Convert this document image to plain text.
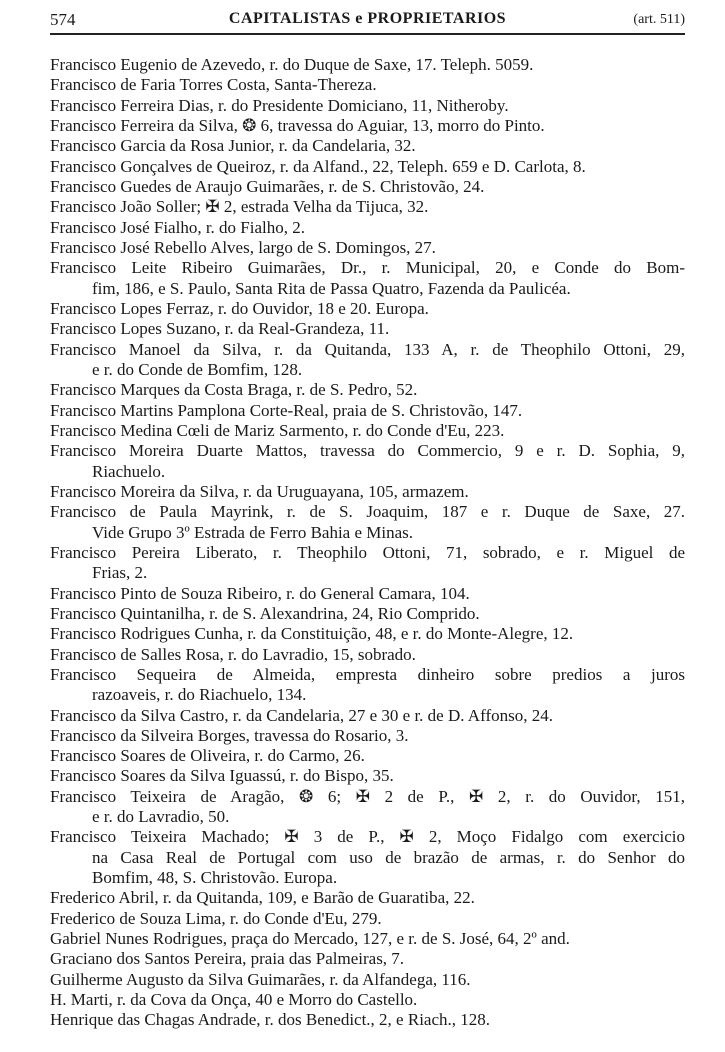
574	CAPITALISTAS e PROPRIETARIOS	(art. 511)
Francisco Eugenio de Azevedo, r. do Duque de Saxe, 17. Teleph. 5059.
Francisco de Faria Torres Costa, Santa-Thereza.
Francisco Ferreira Dias, r. do Presidente Domiciano, 11, Nitheroby.
Francisco Ferreira da Silva, ❂ 6, travessa do Aguiar, 13, morro do Pinto.
Francisco Garcia da Rosa Junior, r. da Candelaria, 32.
Francisco Gonçalves de Queiroz, r. da Alfand., 22, Teleph. 659 e D. Carlota, 8.
Francisco Guedes de Araujo Guimarães, r. de S. Christovão, 24.
Francisco João Soller; ✠ 2, estrada Velha da Tijuca, 32.
Francisco José Fialho, r. do Fialho, 2.
Francisco José Rebello Alves, largo de S. Domingos, 27.
Francisco Leite Ribeiro Guimarães, Dr., r. Municipal, 20, e Conde do Bom-
fim, 186, e S. Paulo, Santa Rita de Passa Quatro, Fazenda da Paulicéa.
Francisco Lopes Ferraz, r. do Ouvidor, 18 e 20. Europa.
Francisco Lopes Suzano, r. da Real-Grandeza, 11.
Francisco Manoel da Silva, r. da Quitanda, 133 A, r. de Theophilo Ottoni, 29,
e r. do Conde de Bomfim, 128.
Francisco Marques da Costa Braga, r. de S. Pedro, 52.
Francisco Martins Pamplona Corte-Real, praia de S. Christovão, 147.
Francisco Medina Cœli de Mariz Sarmento, r. do Conde d'Eu, 223.
Francisco Moreira Duarte Mattos, travessa do Commercio, 9 e r. D. Sophia, 9,
Riachuelo.
Francisco Moreira da Silva, r. da Uruguayana, 105, armazem.
Francisco de Paula Mayrink, r. de S. Joaquim, 187 e r. Duque de Saxe, 27.
Vide Grupo 3º Estrada de Ferro Bahia e Minas.
Francisco Pereira Liberato, r. Theophilo Ottoni, 71, sobrado, e r. Miguel de
Frias, 2.
Francisco Pinto de Souza Ribeiro, r. do General Camara, 104.
Francisco Quintanilha, r. de S. Alexandrina, 24, Rio Comprido.
Francisco Rodrigues Cunha, r. da Constituição, 48, e r. do Monte-Alegre, 12.
Francisco de Salles Rosa, r. do Lavradio, 15, sobrado.
Francisco Sequeira de Almeida, empresta dinheiro sobre predios a juros
razoaveis, r. do Riachuelo, 134.
Francisco da Silva Castro, r. da Candelaria, 27 e 30 e r. de D. Affonso, 24.
Francisco da Silveira Borges, travessa do Rosario, 3.
Francisco Soares de Oliveira, r. do Carmo, 26.
Francisco Soares da Silva Iguassú, r. do Bispo, 35.
Francisco Teixeira de Aragão, ❂ 6; ✠ 2 de P., ✠ 2, r. do Ouvidor, 151,
e r. do Lavradio, 50.
Francisco Teixeira Machado; ✠ 3 de P., ✠ 2, Moço Fidalgo com exercicio
na Casa Real de Portugal com uso de brazão de armas, r. do Senhor do
Bomfim, 48, S. Christovão. Europa.
Frederico Abril, r. da Quitanda, 109, e Barão de Guaratiba, 22.
Frederico de Souza Lima, r. do Conde d'Eu, 279.
Gabriel Nunes Rodrigues, praça do Mercado, 127, e r. de S. José, 64, 2º and.
Graciano dos Santos Pereira, praia das Palmeiras, 7.
Guilherme Augusto da Silva Guimarães, r. da Alfandega, 116.
H. Marti, r. da Cova da Onça, 40 e Morro do Castello.
Henrique das Chagas Andrade, r. dos Benedict., 2, e Riach., 128.
